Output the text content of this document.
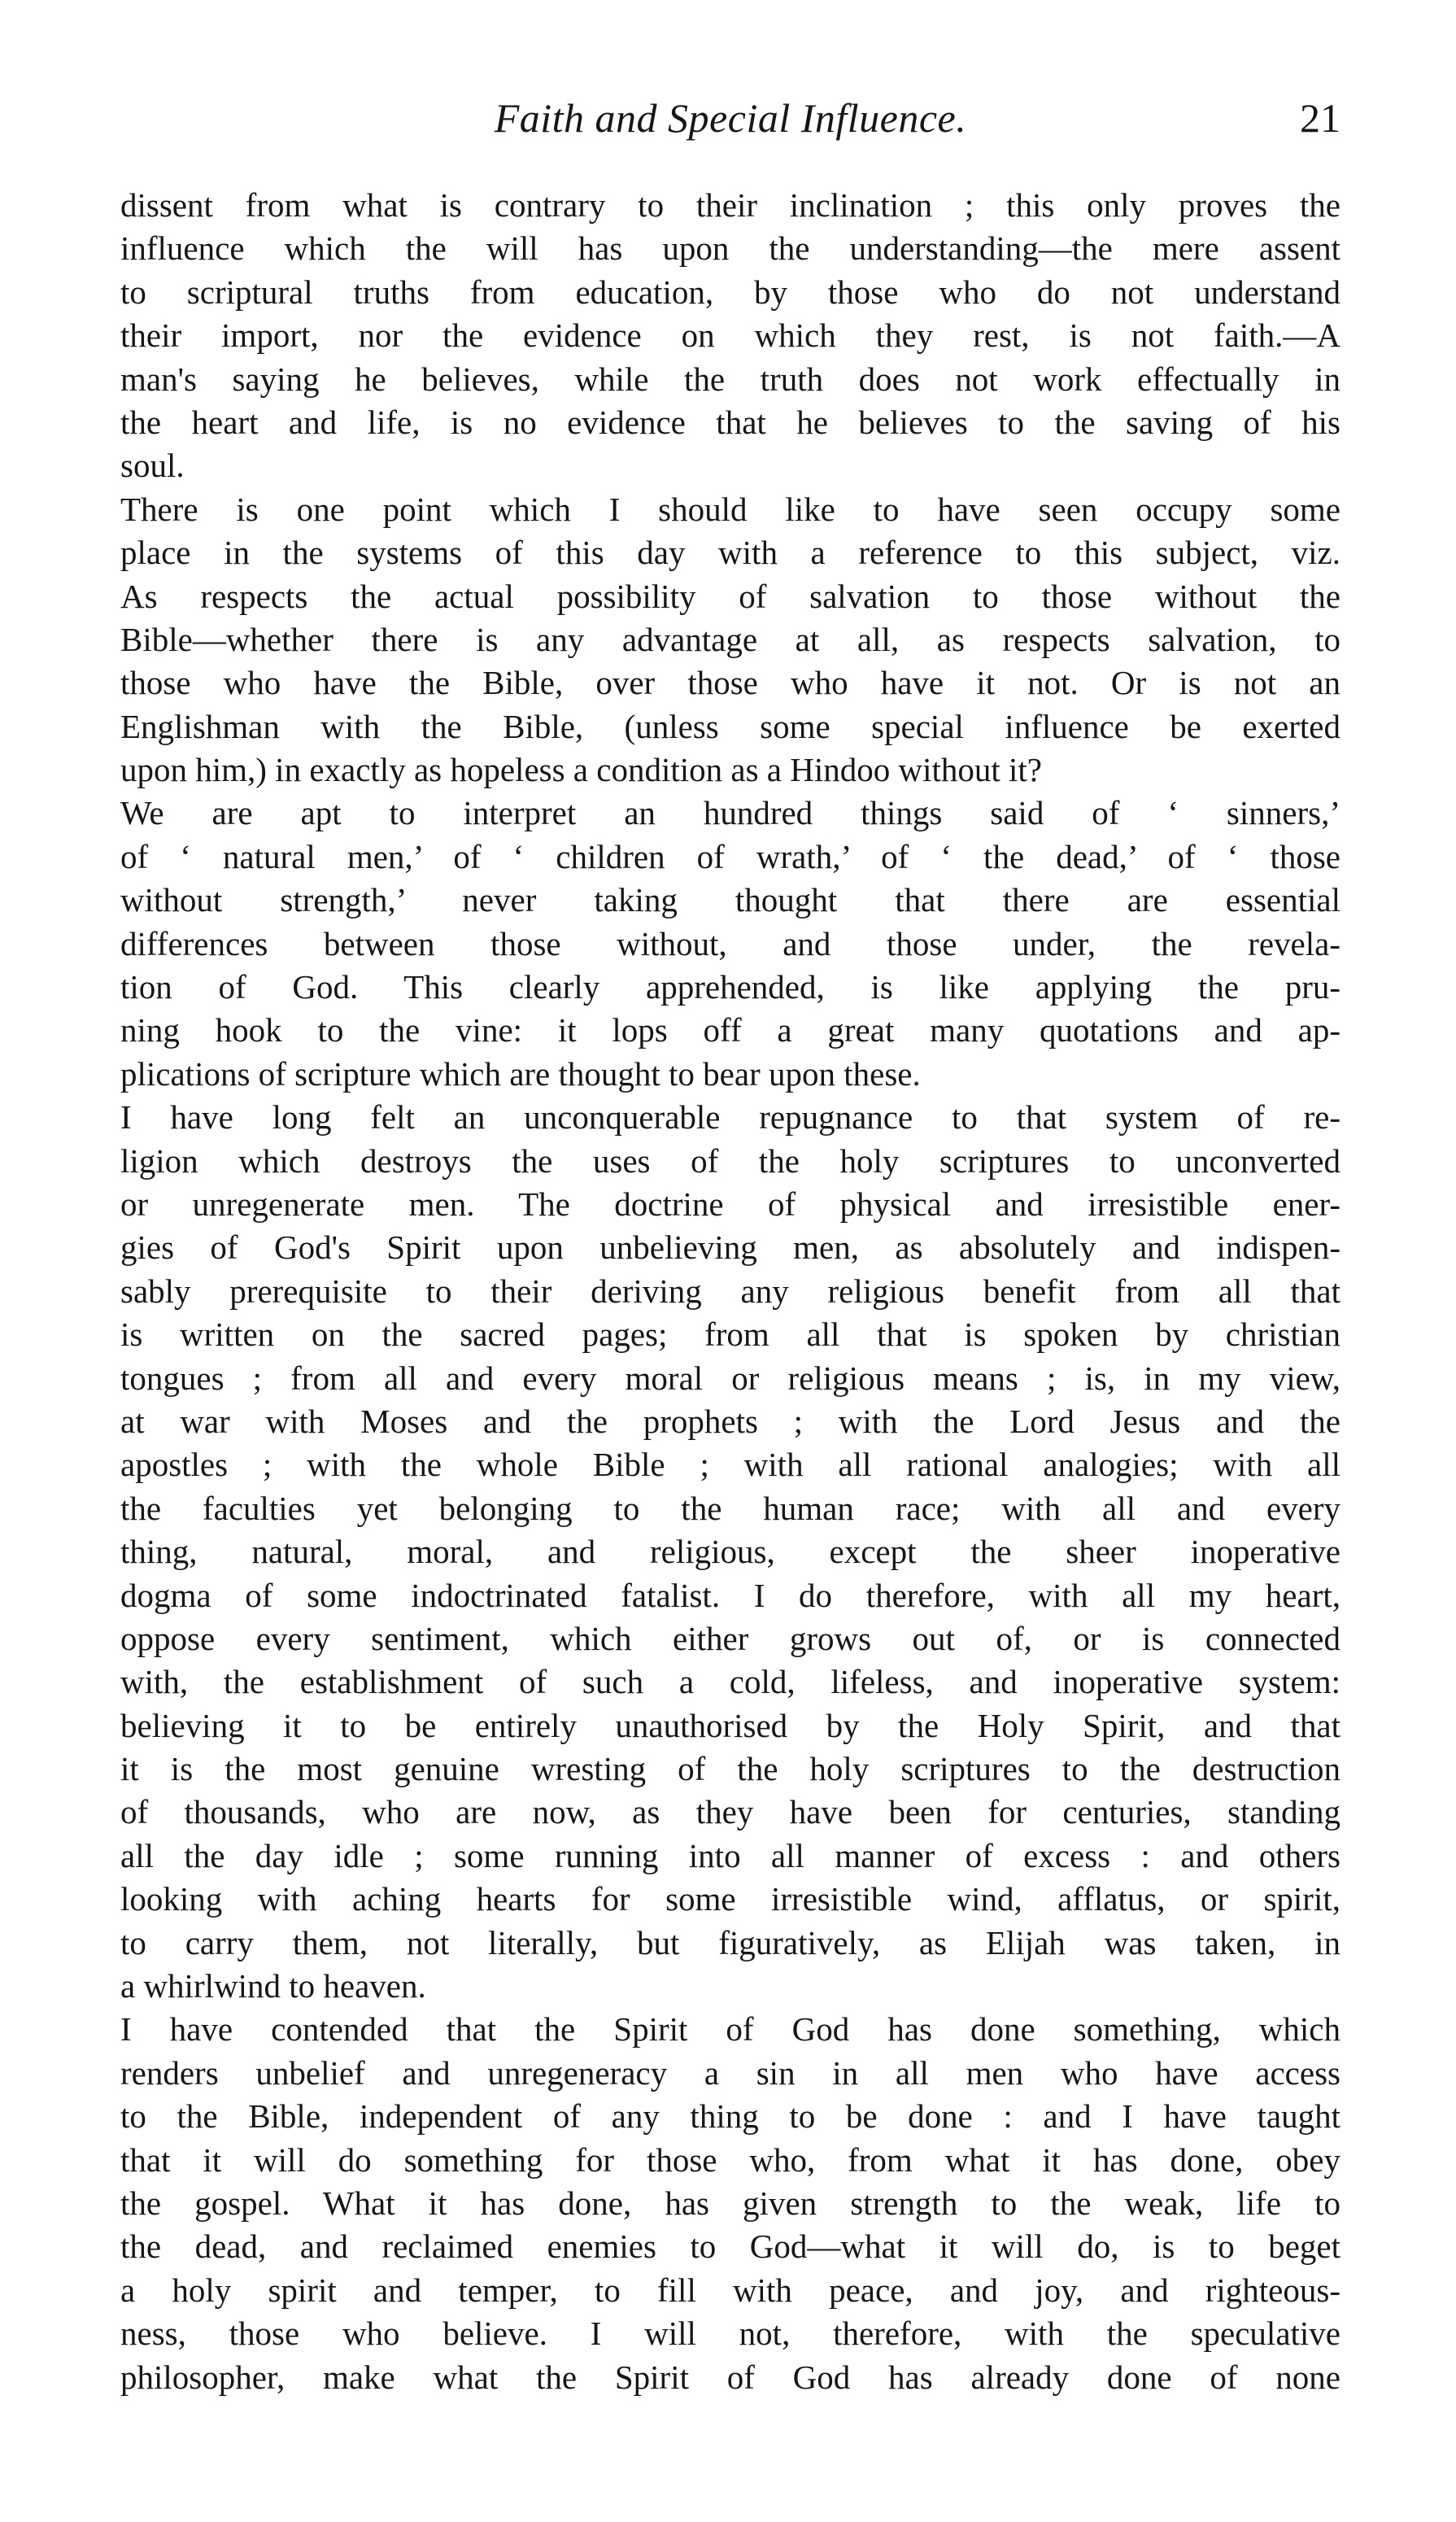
Faith and Special Influence.	21
dissent from what is contrary to their inclination ; this only proves the
influence which the will has upon the understanding—the mere assent
to scriptural truths from education, by those who do not understand
their import, nor the evidence on which they rest, is not faith.—A
man's saying he believes, while the truth does not work effectually in
the heart and life, is no evidence that he believes to the saving of his
soul.
There is one point which I should like to have seen occupy some
place in the systems of this day with a reference to this subject, viz.
As respects the actual possibility of salvation to those without the
Bible—whether there is any advantage at all, as respects salvation, to
those who have the Bible, over those who have it not. Or is not an
Englishman with the Bible, (unless some special influence be exerted
upon him,) in exactly as hopeless a condition as a Hindoo without it?
We are apt to interpret an hundred things said of ‘ sinners,’
of ‘ natural men,’ of ‘ children of wrath,’ of ‘ the dead,’ of ‘ those
without strength,’ never taking thought that there are essential
differences between those without, and those under, the revela-
tion of God. This clearly apprehended, is like applying the pru-
ning hook to the vine: it lops off a great many quotations and ap-
plications of scripture which are thought to bear upon these.
I have long felt an unconquerable repugnance to that system of re-
ligion which destroys the uses of the holy scriptures to unconverted
or unregenerate men. The doctrine of physical and irresistible ener-
gies of God's Spirit upon unbelieving men, as absolutely and indispen-
sably prerequisite to their deriving any religious benefit from all that
is written on the sacred pages; from all that is spoken by christian
tongues ; from all and every moral or religious means ; is, in my view,
at war with Moses and the prophets ; with the Lord Jesus and the
apostles ; with the whole Bible ; with all rational analogies; with all
the faculties yet belonging to the human race; with all and every
thing, natural, moral, and religious, except the sheer inoperative
dogma of some indoctrinated fatalist. I do therefore, with all my heart,
oppose every sentiment, which either grows out of, or is connected
with, the establishment of such a cold, lifeless, and inoperative system:
believing it to be entirely unauthorised by the Holy Spirit, and that
it is the most genuine wresting of the holy scriptures to the destruction
of thousands, who are now, as they have been for centuries, standing
all the day idle ; some running into all manner of excess : and others
looking with aching hearts for some irresistible wind, afflatus, or spirit,
to carry them, not literally, but figuratively, as Elijah was taken, in
a whirlwind to heaven.
I have contended that the Spirit of God has done something, which
renders unbelief and unregeneracy a sin in all men who have access
to the Bible, independent of any thing to be done : and I have taught
that it will do something for those who, from what it has done, obey
the gospel. What it has done, has given strength to the weak, life to
the dead, and reclaimed enemies to God—what it will do, is to beget
a holy spirit and temper, to fill with peace, and joy, and righteous-
ness, those who believe. I will not, therefore, with the speculative
philosopher, make what the Spirit of God has already done of none
